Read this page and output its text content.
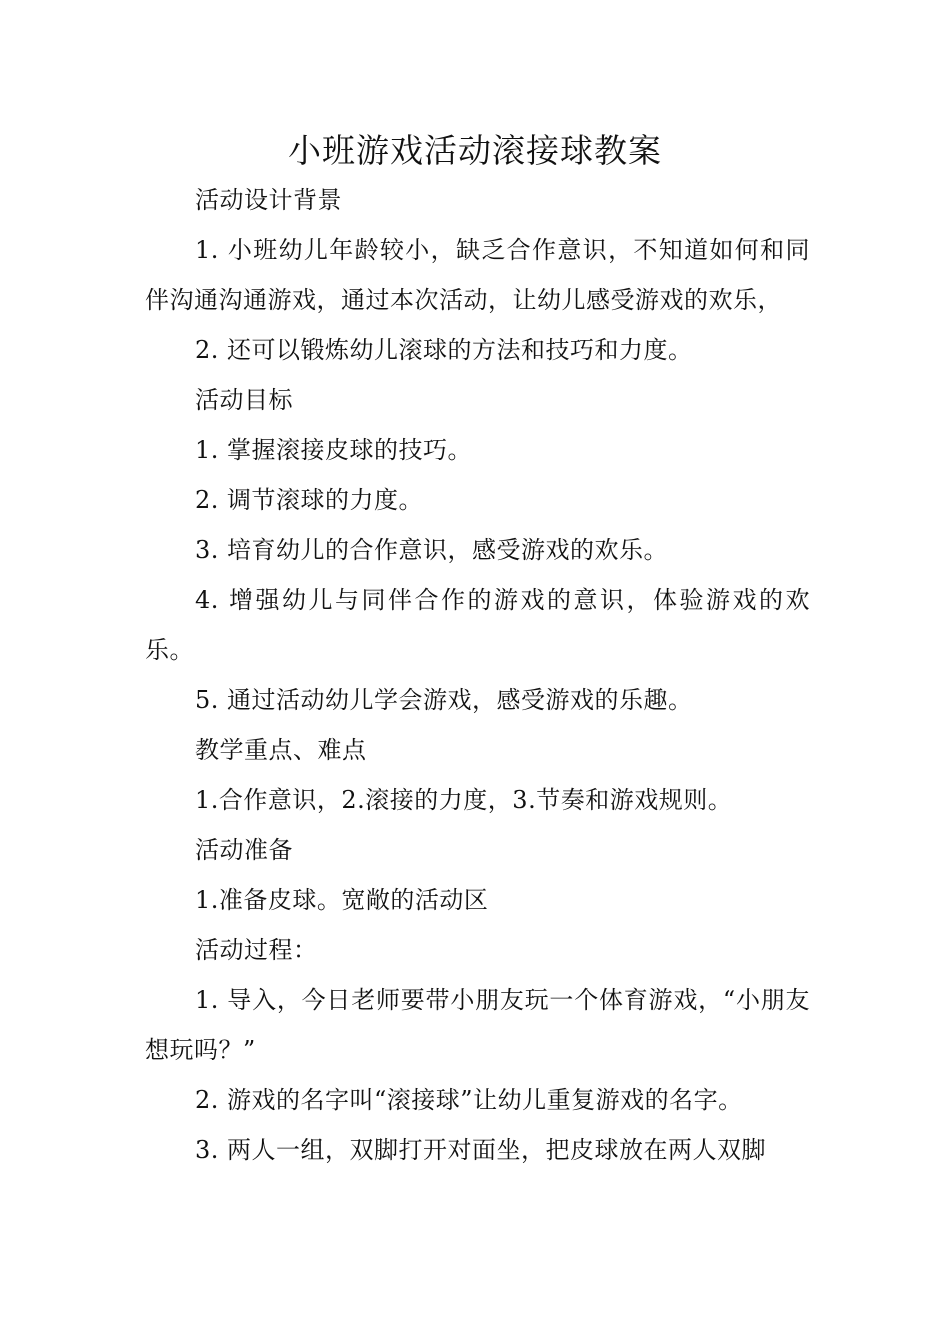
小班游戏活动滚接球教案

活动设计背景

1. 小班幼儿年龄较小，缺乏合作意识，不知道如何和同伴沟通沟通游戏，通过本次活动，让幼儿感受游戏的欢乐，

2. 还可以锻炼幼儿滚球的方法和技巧和力度。

活动目标

1. 掌握滚接皮球的技巧。

2. 调节滚球的力度。

3. 培育幼儿的合作意识，感受游戏的欢乐。

4. 增强幼儿与同伴合作的游戏的意识，体验游戏的欢乐。

5. 通过活动幼儿学会游戏，感受游戏的乐趣。

教学重点、难点

1.合作意识，2.滚接的力度，3.节奏和游戏规则。

活动准备

1.准备皮球。宽敞的活动区

活动过程：

1. 导入，今日老师要带小朋友玩一个体育游戏，“小朋友想玩吗？”

2. 游戏的名字叫“滚接球”让幼儿重复游戏的名字。

3. 两人一组，双脚打开对面坐，把皮球放在两人双脚
